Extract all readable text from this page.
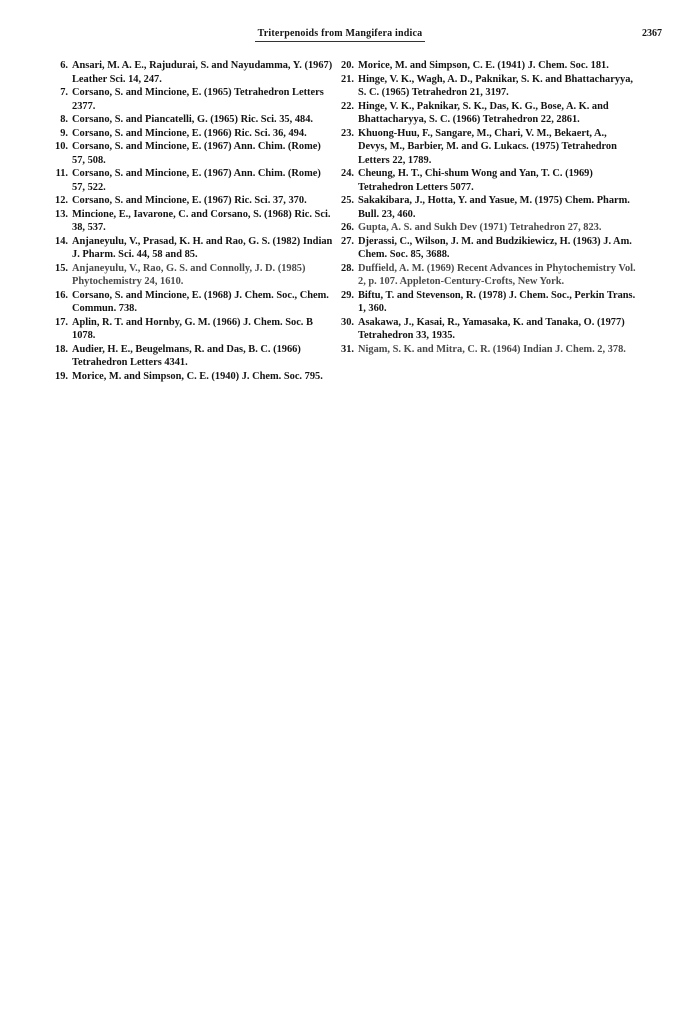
Triterpenoids from Mangifera indica	2367

6. Ansari, M. A. E., Rajudurai, S. and Nayudamma, Y. (1967) Leather Sci. 14, 247.

7. Corsano, S. and Mincione, E. (1965) Tetrahedron Letters 2377.

8. Corsano, S. and Piancatelli, G. (1965) Ric. Sci. 35, 484.

9. Corsano, S. and Mincione, E. (1966) Ric. Sci. 36, 494.

10. Corsano, S. and Mincione, E. (1967) Ann. Chim. (Rome) 57, 508.

11. Corsano, S. and Mincione, E. (1967) Ann. Chim. (Rome) 57, 522.

12. Corsano, S. and Mincione, E. (1967) Ric. Sci. 37, 370.

13. Mincione, E., Iavarone, C. and Corsano, S. (1968) Ric. Sci. 38, 537.

14. Anjaneyulu, V., Prasad, K. H. and Rao, G. S. (1982) Indian J. Pharm. Sci. 44, 58 and 85.

15. Anjaneyulu, V., Rao, G. S. and Connolly, J. D. (1985) Phytochemistry 24, 1610.

16. Corsano, S. and Mincione, E. (1968) J. Chem. Soc., Chem. Commun. 738.

17. Aplin, R. T. and Hornby, G. M. (1966) J. Chem. Soc. B 1078.

18. Audier, H. E., Beugelmans, R. and Das, B. C. (1966) Tetrahedron Letters 4341.

19. Morice, M. and Simpson, C. E. (1940) J. Chem. Soc. 795.

20. Morice, M. and Simpson, C. E. (1941) J. Chem. Soc. 181.

21. Hinge, V. K., Wagh, A. D., Paknikar, S. K. and Bhattacharyya, S. C. (1965) Tetrahedron 21, 3197.

22. Hinge, V. K., Paknikar, S. K., Das, K. G., Bose, A. K. and Bhattacharyya, S. C. (1966) Tetrahedron 22, 2861.

23. Khuong-Huu, F., Sangare, M., Chari, V. M., Bekaert, A., Devys, M., Barbier, M. and G. Lukacs. (1975) Tetrahedron Letters 22, 1789.

24. Cheung, H. T., Chi-shum Wong and Yan, T. C. (1969) Tetrahedron Letters 5077.

25. Sakakibara, J., Hotta, Y. and Yasue, M. (1975) Chem. Pharm. Bull. 23, 460.

26. Gupta, A. S. and Sukh Dev (1971) Tetrahedron 27, 823.

27. Djerassi, C., Wilson, J. M. and Budzikiewicz, H. (1963) J. Am. Chem. Soc. 85, 3688.

28. Duffield, A. M. (1969) Recent Advances in Phytochemistry Vol. 2, p. 107. Appleton-Century-Crofts, New York.

29. Biftu, T. and Stevenson, R. (1978) J. Chem. Soc., Perkin Trans. 1, 360.

30. Asakawa, J., Kasai, R., Yamasaka, K. and Tanaka, O. (1977) Tetrahedron 33, 1935.

31. Nigam, S. K. and Mitra, C. R. (1964) Indian J. Chem. 2, 378.
